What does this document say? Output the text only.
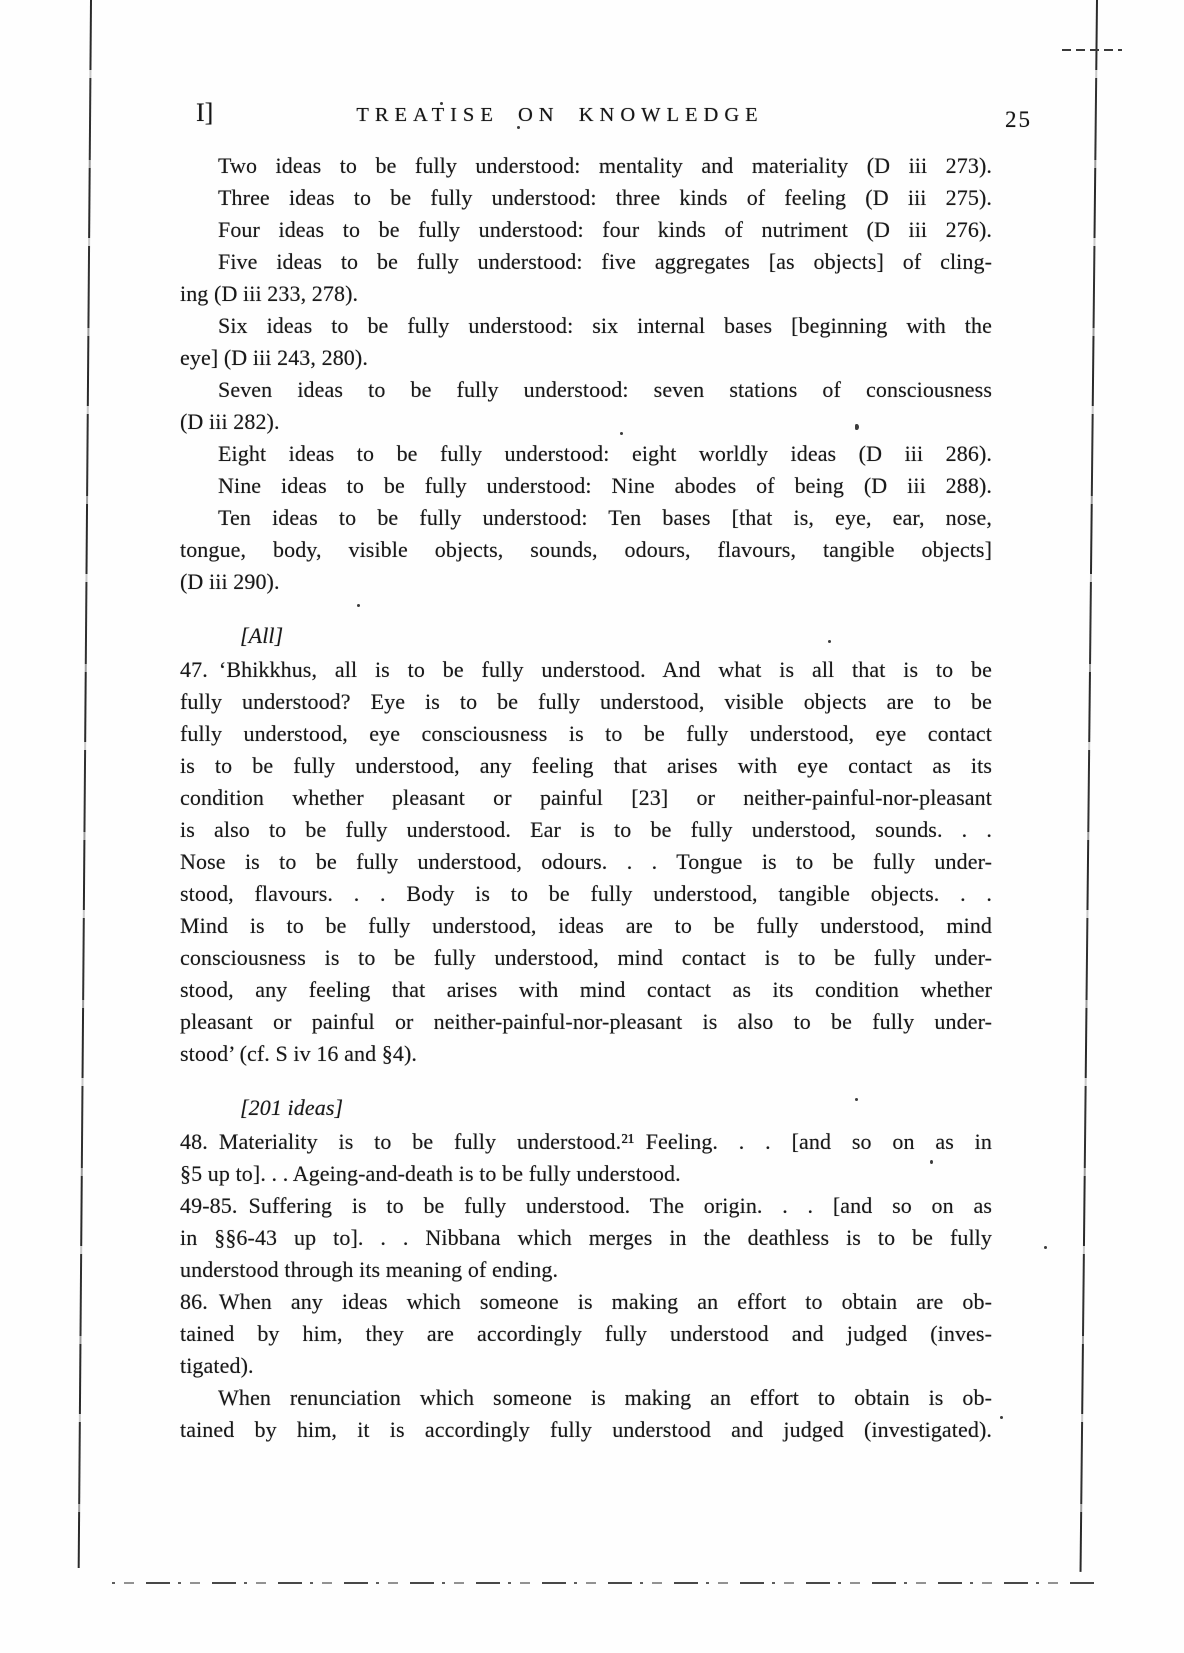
I]	TREATISE ON KNOWLEDGE	25
Two ideas to be fully understood: mentality and materiality (D iii 273).
Three ideas to be fully understood: three kinds of feeling (D iii 275).
Four ideas to be fully understood: four kinds of nutriment (D iii 276).
Five ideas to be fully understood: five aggregates [as objects] of cling-
ing (D iii 233, 278).
Six ideas to be fully understood: six internal bases [beginning with the
eye] (D iii 243, 280).
Seven ideas to be fully understood: seven stations of consciousness
(D iii 282).
Eight ideas to be fully understood: eight worldly ideas (D iii 286).
Nine ideas to be fully understood: Nine abodes of being (D iii 288).
Ten ideas to be fully understood: Ten bases [that is, eye, ear, nose,
tongue, body, visible objects, sounds, odours, flavours, tangible objects]
(D iii 290).
[All]
47. ‘Bhikkhus, all is to be fully understood. And what is all that is to be
fully understood? Eye is to be fully understood, visible objects are to be
fully understood, eye consciousness is to be fully understood, eye contact
is to be fully understood, any feeling that arises with eye contact as its
condition whether pleasant or painful [23] or neither-painful-nor-pleasant
is also to be fully understood. Ear is to be fully understood, sounds. . .
Nose is to be fully understood, odours. . . Tongue is to be fully under-
stood, flavours. . . Body is to be fully understood, tangible objects. . .
Mind is to be fully understood, ideas are to be fully understood, mind
consciousness is to be fully understood, mind contact is to be fully under-
stood, any feeling that arises with mind contact as its condition whether
pleasant or painful or neither-painful-nor-pleasant is also to be fully under-
stood’ (cf. S iv 16 and §4).
[201 ideas]
48. Materiality is to be fully understood.²¹ Feeling. . . [and so on as in
§5 up to]. . . Ageing-and-death is to be fully understood.
49-85. Suffering is to be fully understood. The origin. . . [and so on as
in §§6-43 up to]. . . Nibbana which merges in the deathless is to be fully
understood through its meaning of ending.
86. When any ideas which someone is making an effort to obtain are ob-
tained by him, they are accordingly fully understood and judged (inves-
tigated).
When renunciation which someone is making an effort to obtain is ob-
tained by him, it is accordingly fully understood and judged (investigated).
